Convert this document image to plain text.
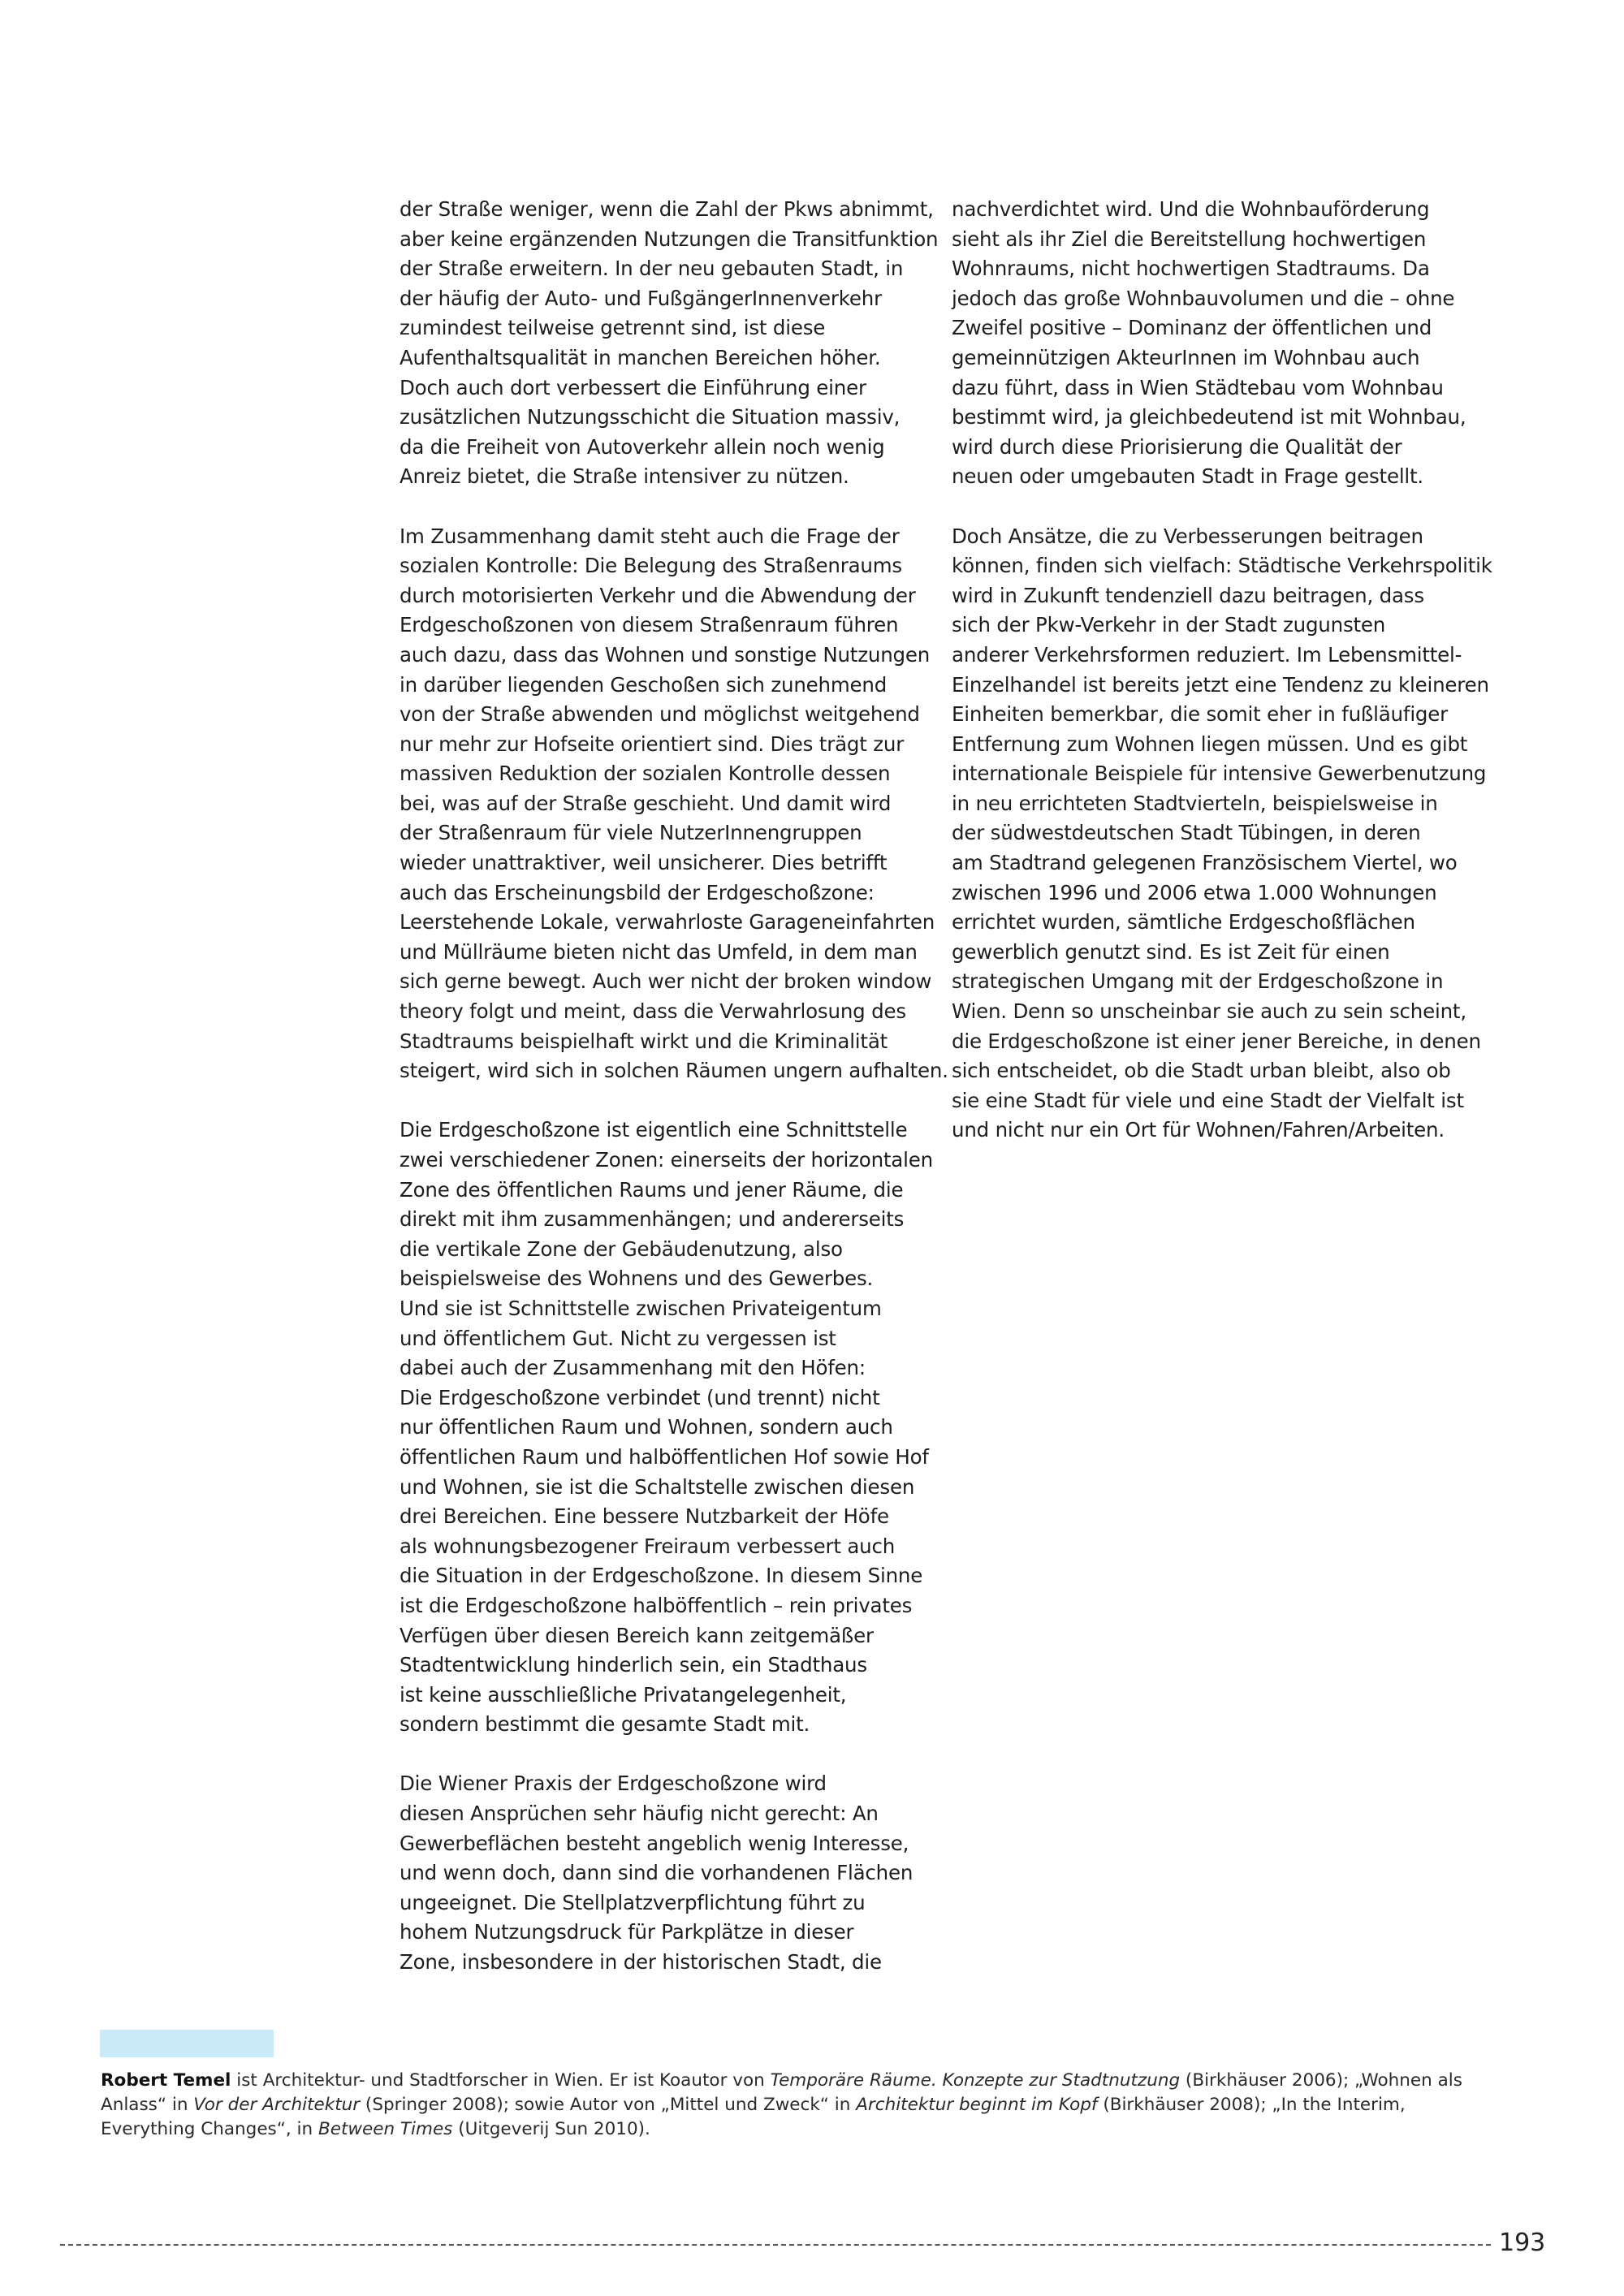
der Straße weniger, wenn die Zahl der Pkws abnimmt,
aber keine ergänzenden Nutzungen die Transitfunktion
der Straße erweitern. In der neu gebauten Stadt, in
der häufig der Auto- und FußgängerInnenverkehr
zumindest teilweise getrennt sind, ist diese
Aufenthaltsqualität in manchen Bereichen höher.
Doch auch dort verbessert die Einführung einer
zusätzlichen Nutzungsschicht die Situation massiv,
da die Freiheit von Autoverkehr allein noch wenig
Anreiz bietet, die Straße intensiver zu nützen.

Im Zusammenhang damit steht auch die Frage der
sozialen Kontrolle: Die Belegung des Straßenraums
durch motorisierten Verkehr und die Abwendung der
Erdgeschoßzonen von diesem Straßenraum führen
auch dazu, dass das Wohnen und sonstige Nutzungen
in darüber liegenden Geschoßen sich zunehmend
von der Straße abwenden und möglichst weitgehend
nur mehr zur Hofseite orientiert sind. Dies trägt zur
massiven Reduktion der sozialen Kontrolle dessen
bei, was auf der Straße geschieht. Und damit wird
der Straßenraum für viele NutzerInnengruppen
wieder unattraktiver, weil unsicherer. Dies betrifft
auch das Erscheinungsbild der Erdgeschoßzone:
Leerstehende Lokale, verwahrloste Garageneinfahrten
und Müllräume bieten nicht das Umfeld, in dem man
sich gerne bewegt. Auch wer nicht der broken window
theory folgt und meint, dass die Verwahrlosung des
Stadtraums beispielhaft wirkt und die Kriminalität
steigert, wird sich in solchen Räumen ungern aufhalten.

Die Erdgeschoßzone ist eigentlich eine Schnittstelle
zwei verschiedener Zonen: einerseits der horizontalen
Zone des öffentlichen Raums und jener Räume, die
direkt mit ihm zusammenhängen; und andererseits
die vertikale Zone der Gebäudenutzung, also
beispielsweise des Wohnens und des Gewerbes.
Und sie ist Schnittstelle zwischen Privateigentum
und öffentlichem Gut. Nicht zu vergessen ist
dabei auch der Zusammenhang mit den Höfen:
Die Erdgeschoßzone verbindet (und trennt) nicht
nur öffentlichen Raum und Wohnen, sondern auch
öffentlichen Raum und halböffentlichen Hof sowie Hof
und Wohnen, sie ist die Schaltstelle zwischen diesen
drei Bereichen. Eine bessere Nutzbarkeit der Höfe
als wohnungsbezogener Freiraum verbessert auch
die Situation in der Erdgeschoßzone. In diesem Sinne
ist die Erdgeschoßzone halböffentlich – rein privates
Verfügen über diesen Bereich kann zeitgemäßer
Stadtentwicklung hinderlich sein, ein Stadthaus
ist keine ausschließliche Privatangelegenheit,
sondern bestimmt die gesamte Stadt mit.

Die Wiener Praxis der Erdgeschoßzone wird
diesen Ansprüchen sehr häufig nicht gerecht: An
Gewerbeflächen besteht angeblich wenig Interesse,
und wenn doch, dann sind die vorhandenen Flächen
ungeeignet. Die Stellplatzverpflichtung führt zu
hohem Nutzungsdruck für Parkplätze in dieser
Zone, insbesondere in der historischen Stadt, die

nachverdichtet wird. Und die Wohnbauförderung
sieht als ihr Ziel die Bereitstellung hochwertigen
Wohnraums, nicht hochwertigen Stadtraums. Da
jedoch das große Wohnbauvolumen und die – ohne
Zweifel positive – Dominanz der öffentlichen und
gemeinnützigen AkteurInnen im Wohnbau auch
dazu führt, dass in Wien Städtebau vom Wohnbau
bestimmt wird, ja gleichbedeutend ist mit Wohnbau,
wird durch diese Priorisierung die Qualität der
neuen oder umgebauten Stadt in Frage gestellt.

Doch Ansätze, die zu Verbesserungen beitragen
können, finden sich vielfach: Städtische Verkehrspolitik
wird in Zukunft tendenziell dazu beitragen, dass
sich der Pkw-Verkehr in der Stadt zugunsten
anderer Verkehrsformen reduziert. Im Lebensmittel-
Einzelhandel ist bereits jetzt eine Tendenz zu kleineren
Einheiten bemerkbar, die somit eher in fußläufiger
Entfernung zum Wohnen liegen müssen. Und es gibt
internationale Beispiele für intensive Gewerbenutzung
in neu errichteten Stadtvierteln, beispielsweise in
der südwestdeutschen Stadt Tübingen, in deren
am Stadtrand gelegenen Französischem Viertel, wo
zwischen 1996 und 2006 etwa 1.000 Wohnungen
errichtet wurden, sämtliche Erdgeschoßflächen
gewerblich genutzt sind. Es ist Zeit für einen
strategischen Umgang mit der Erdgeschoßzone in
Wien. Denn so unscheinbar sie auch zu sein scheint,
die Erdgeschoßzone ist einer jener Bereiche, in denen
sich entscheidet, ob die Stadt urban bleibt, also ob
sie eine Stadt für viele und eine Stadt der Vielfalt ist
und nicht nur ein Ort für Wohnen/Fahren/Arbeiten.

Robert Temel ist Architektur- und Stadtforscher in Wien. Er ist Koautor von Temporäre Räume. Konzepte zur Stadtnutzung (Birkhäuser 2006); „Wohnen als Anlass“ in Vor der Architektur (Springer 2008); sowie Autor von „Mittel und Zweck“ in Architektur beginnt im Kopf (Birkhäuser 2008); „In the Interim, Everything Changes“, in Between Times (Uitgeverij Sun 2010).
193
